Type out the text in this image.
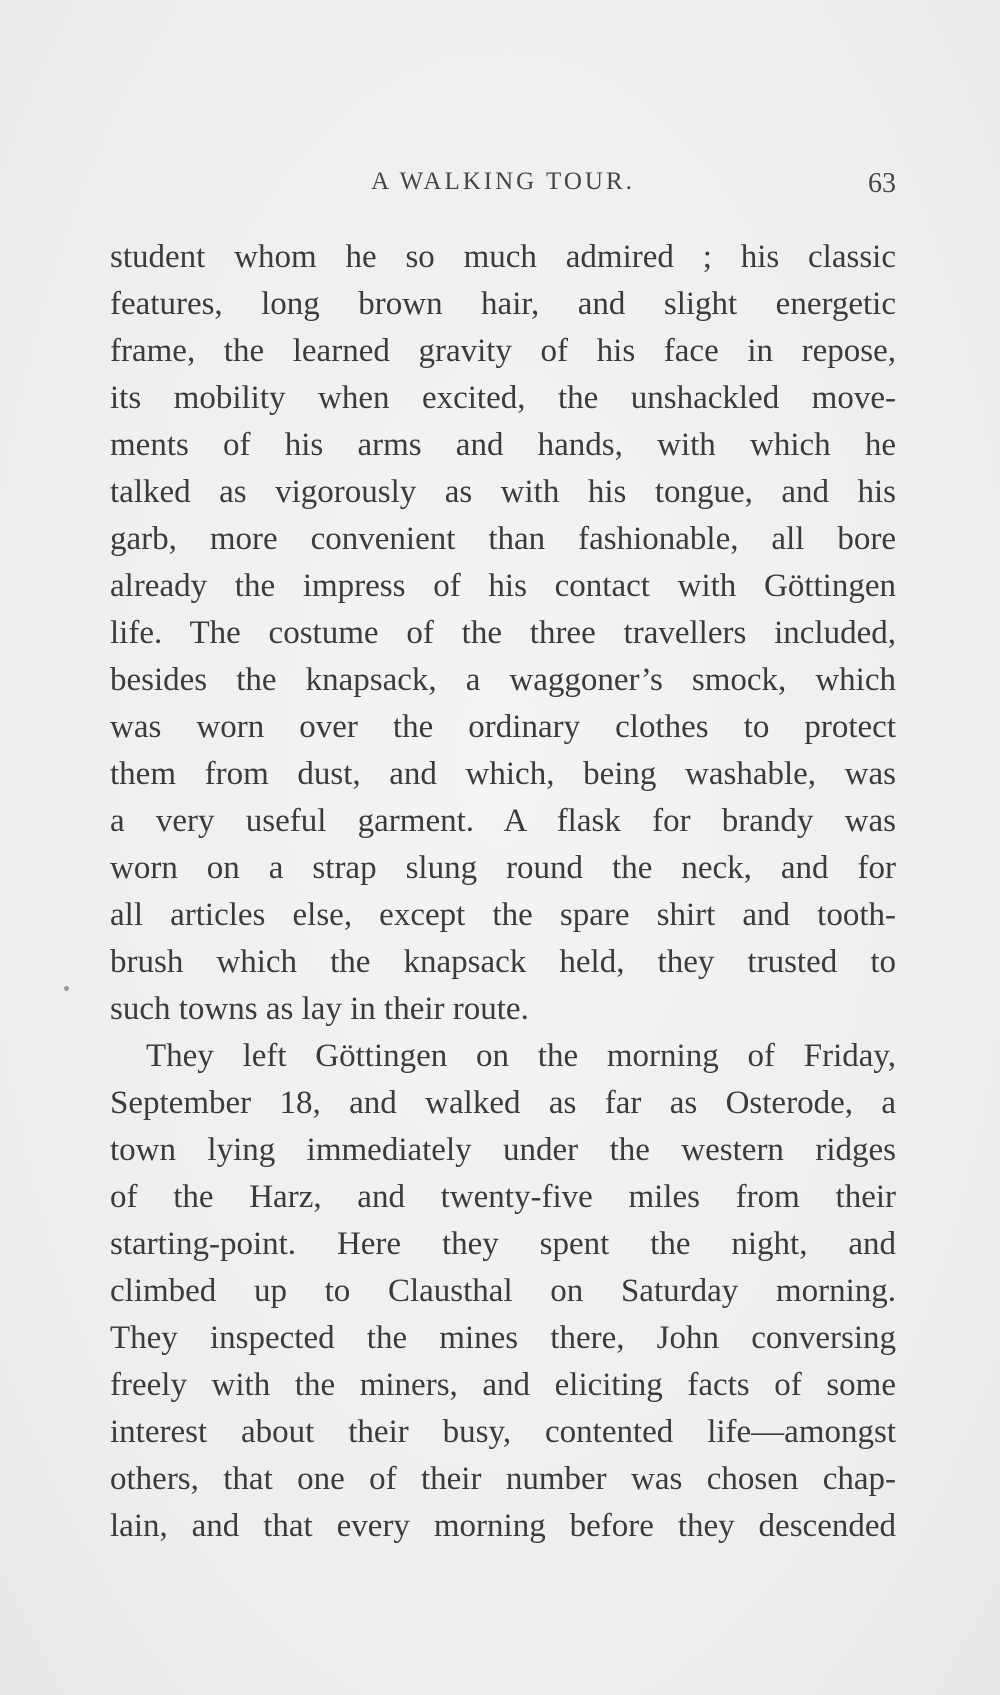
A WALKING TOUR.	63
student whom he so much admired ; his classic
features, long brown hair, and slight energetic
frame, the learned gravity of his face in repose,
its mobility when excited, the unshackled move-
ments of his arms and hands, with which he
talked as vigorously as with his tongue, and his
garb, more convenient than fashionable, all bore
already the impress of his contact with Göttingen
life. The costume of the three travellers included,
besides the knapsack, a waggoner’s smock, which
was worn over the ordinary clothes to protect
them from dust, and which, being washable, was
a very useful garment. A flask for brandy was
worn on a strap slung round the neck, and for
all articles else, except the spare shirt and tooth-
brush which the knapsack held, they trusted to
such towns as lay in their route.
They left Göttingen on the morning of Friday,
September 18, and walked as far as Osterode, a
town lying immediately under the western ridges
of the Harz, and twenty-five miles from their
starting-point. Here they spent the night, and
climbed up to Clausthal on Saturday morning.
They inspected the mines there, John conversing
freely with the miners, and eliciting facts of some
interest about their busy, contented life—amongst
others, that one of their number was chosen chap-
lain, and that every morning before they descended
